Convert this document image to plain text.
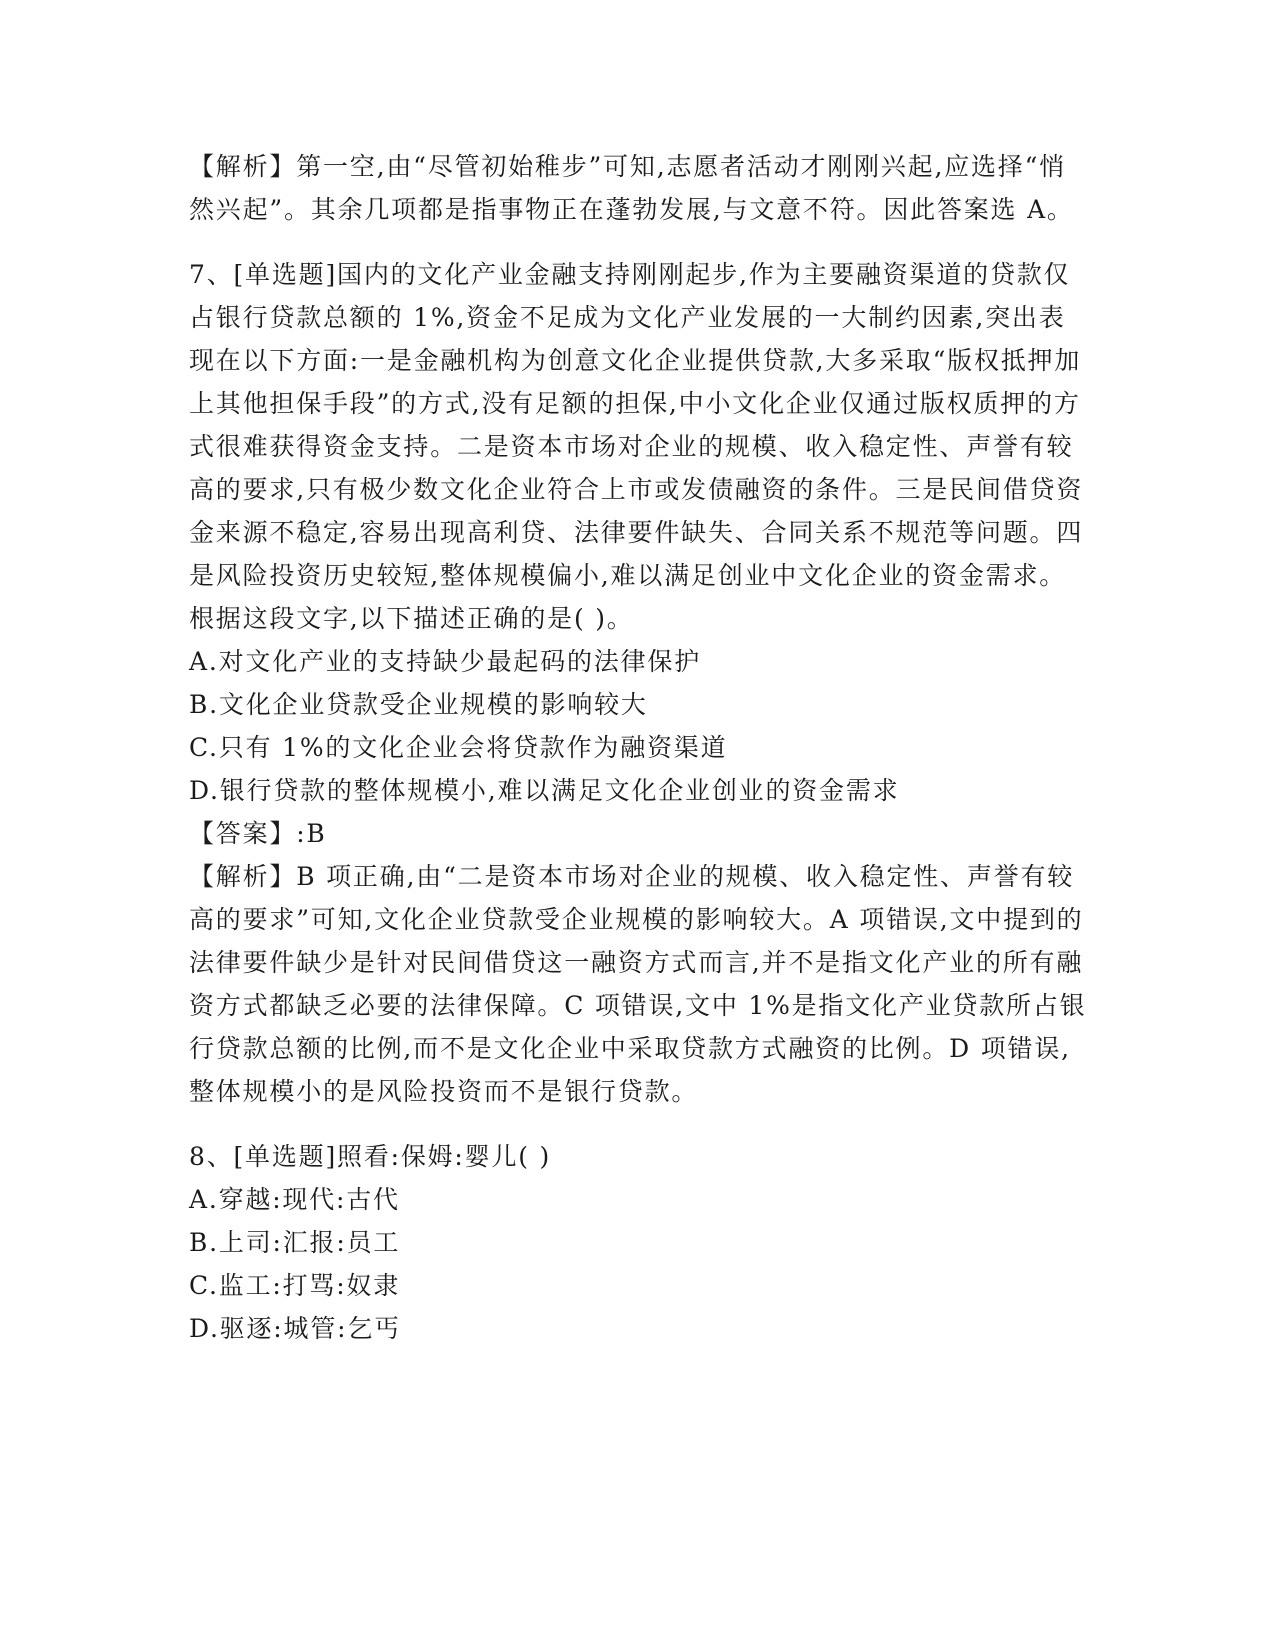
【解析】第一空,由“尽管初始稚步”可知,志愿者活动才刚刚兴起,应选择“悄然兴起”。其余几项都是指事物正在蓬勃发展,与文意不符。因此答案选 A。

7、[单选题]国内的文化产业金融支持刚刚起步,作为主要融资渠道的贷款仅占银行贷款总额的 1%,资金不足成为文化产业发展的一大制约因素,突出表现在以下方面:一是金融机构为创意文化企业提供贷款,大多采取“版权抵押加上其他担保手段”的方式,没有足额的担保,中小文化企业仅通过版权质押的方式很难获得资金支持。二是资本市场对企业的规模、收入稳定性、声誉有较高的要求,只有极少数文化企业符合上市或发债融资的条件。三是民间借贷资金来源不稳定,容易出现高利贷、法律要件缺失、合同关系不规范等问题。四是风险投资历史较短,整体规模偏小,难以满足创业中文化企业的资金需求。根据这段文字,以下描述正确的是( )。

A.对文化产业的支持缺少最起码的法律保护

B.文化企业贷款受企业规模的影响较大

C.只有 1%的文化企业会将贷款作为融资渠道

D.银行贷款的整体规模小,难以满足文化企业创业的资金需求

【答案】:B

【解析】B 项正确,由“二是资本市场对企业的规模、收入稳定性、声誉有较高的要求”可知,文化企业贷款受企业规模的影响较大。A 项错误,文中提到的法律要件缺少是针对民间借贷这一融资方式而言,并不是指文化产业的所有融资方式都缺乏必要的法律保障。C 项错误,文中 1%是指文化产业贷款所占银行贷款总额的比例,而不是文化企业中采取贷款方式融资的比例。D 项错误,整体规模小的是风险投资而不是银行贷款。

8、[单选题]照看:保姆:婴儿( )

A.穿越:现代:古代

B.上司:汇报:员工

C.监工:打骂:奴隶

D.驱逐:城管:乞丐
